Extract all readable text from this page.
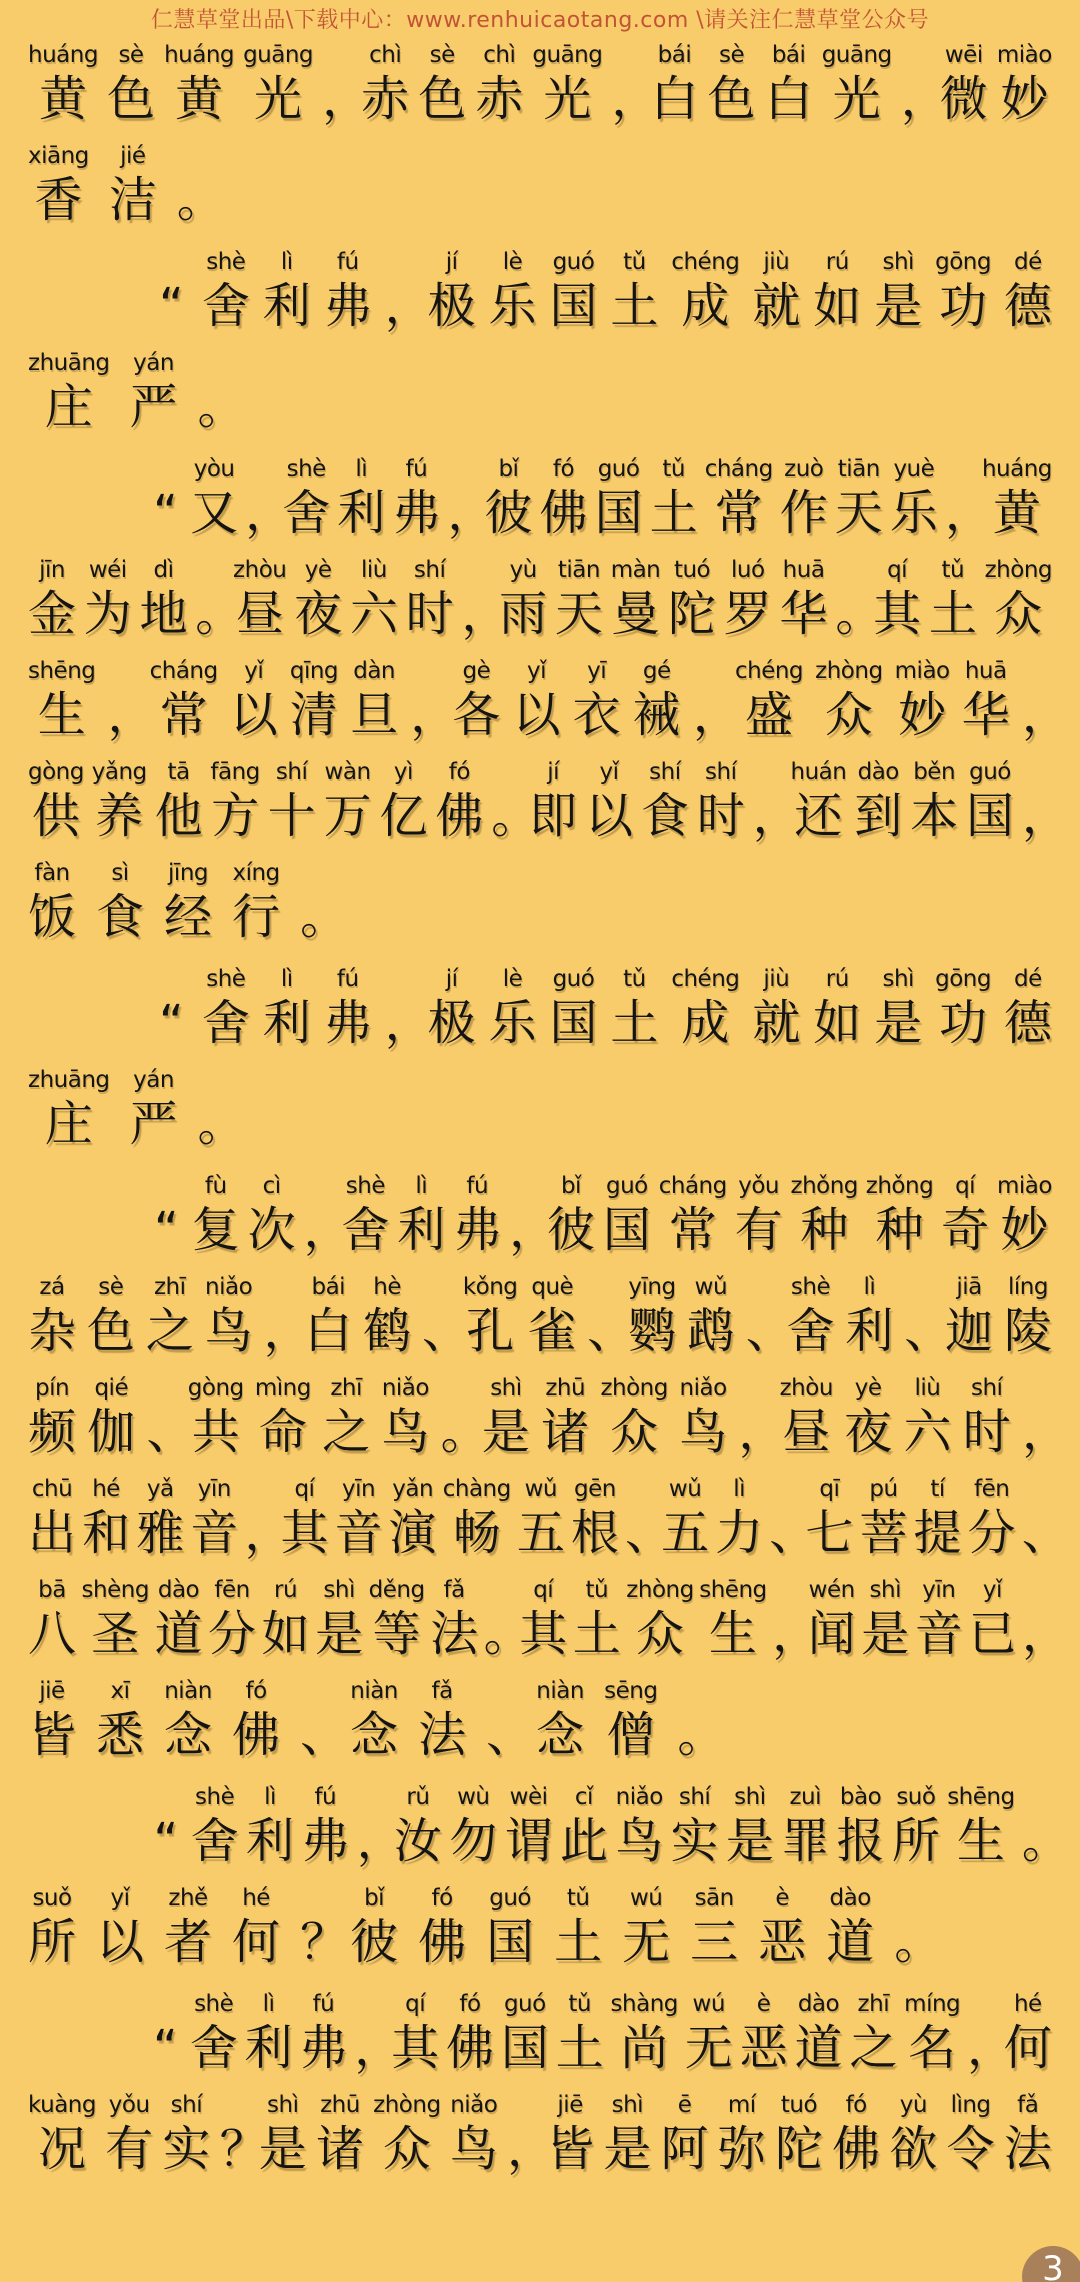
仁慧草堂出品\下载中心：www.renhuicaotang.com \请关注仁慧草堂公众号
huáng
黄
sè
色
huáng
黄
guāng
光
，
chì
赤
sè
色
chì
赤
guāng
光
，
bái
白
sè
色
bái
白
guāng
光
，
wēi
微
miào
妙
xiāng
香
jié
洁
。

“
shè
舍
lì
利
fú
弗
，
jí
极
lè
乐
guó
国
tǔ
土
chéng
成
jiù
就
rú
如
shì
是
gōng
功
dé
德
zhuāng
庄
yán
严
。

“
yòu
又
，
shè
舍
lì
利
fú
弗
，
bǐ
彼
fó
佛
guó
国
tǔ
土
cháng
常
zuò
作
tiān
天
yuè
乐
，
huáng
黄
jīn
金
wéi
为
dì
地
。
zhòu
昼
yè
夜
liù
六
shí
时
，
yù
雨
tiān
天
màn
曼
tuó
陀
luó
罗
huā
华
。
qí
其
tǔ
土
zhòng
众
shēng
生
，
cháng
常
yǐ
以
qīng
清
dàn
旦
，
gè
各
yǐ
以
yī
衣
gé
裓
，
chéng
盛
zhòng
众
miào
妙
huā
华
，
gòng
供
yǎng
养
tā
他
fāng
方
shí
十
wàn
万
yì
亿
fó
佛
。
jí
即
yǐ
以
shí
食
shí
时
，
huán
还
dào
到
běn
本
guó
国
，
fàn
饭
sì
食
jīng
经
xíng
行
。

“
shè
舍
lì
利
fú
弗
，
jí
极
lè
乐
guó
国
tǔ
土
chéng
成
jiù
就
rú
如
shì
是
gōng
功
dé
德
zhuāng
庄
yán
严
。

“
fù
复
cì
次
，
shè
舍
lì
利
fú
弗
，
bǐ
彼
guó
国
cháng
常
yǒu
有
zhǒng
种
zhǒng
种
qí
奇
miào
妙
zá
杂
sè
色
zhī
之
niǎo
鸟
，
bái
白
hè
鹤
、
kǒng
孔
què
雀
、
yīng
鹦
wǔ
鹉
、
shè
舍
lì
利
、
jiā
迦
líng
陵
pín
频
qié
伽
、
gòng
共
mìng
命
zhī
之
niǎo
鸟
。
shì
是
zhū
诸
zhòng
众
niǎo
鸟
，
zhòu
昼
yè
夜
liù
六
shí
时
，
chū
出
hé
和
yǎ
雅
yīn
音
，
qí
其
yīn
音
yǎn
演
chàng
畅
wǔ
五
gēn
根
、
wǔ
五
lì
力
、
qī
七
pú
菩
tí
提
fēn
分
、
bā
八
shèng
圣
dào
道
fēn
分
rú
如
shì
是
děng
等
fǎ
法
。
qí
其
tǔ
土
zhòng
众
shēng
生
，
wén
闻
shì
是
yīn
音
yǐ
已
，
jiē
皆
xī
悉
niàn
念
fó
佛
、
niàn
念
fǎ
法
、
niàn
念
sēng
僧
。

“
shè
舍
lì
利
fú
弗
，
rǔ
汝
wù
勿
wèi
谓
cǐ
此
niǎo
鸟
shí
实
shì
是
zuì
罪
bào
报
suǒ
所
shēng
生
。
suǒ
所
yǐ
以
zhě
者
hé
何
？
bǐ
彼
fó
佛
guó
国
tǔ
土
wú
无
sān
三
è
恶
dào
道
。

“
shè
舍
lì
利
fú
弗
，
qí
其
fó
佛
guó
国
tǔ
土
shàng
尚
wú
无
è
恶
dào
道
zhī
之
míng
名
，
hé
何
kuàng
况
yǒu
有
shí
实
？
shì
是
zhū
诸
zhòng
众
niǎo
鸟
，
jiē
皆
shì
是
ē
阿
mí
弥
tuó
陀
fó
佛
yù
欲
lìng
令
fǎ
法
3
